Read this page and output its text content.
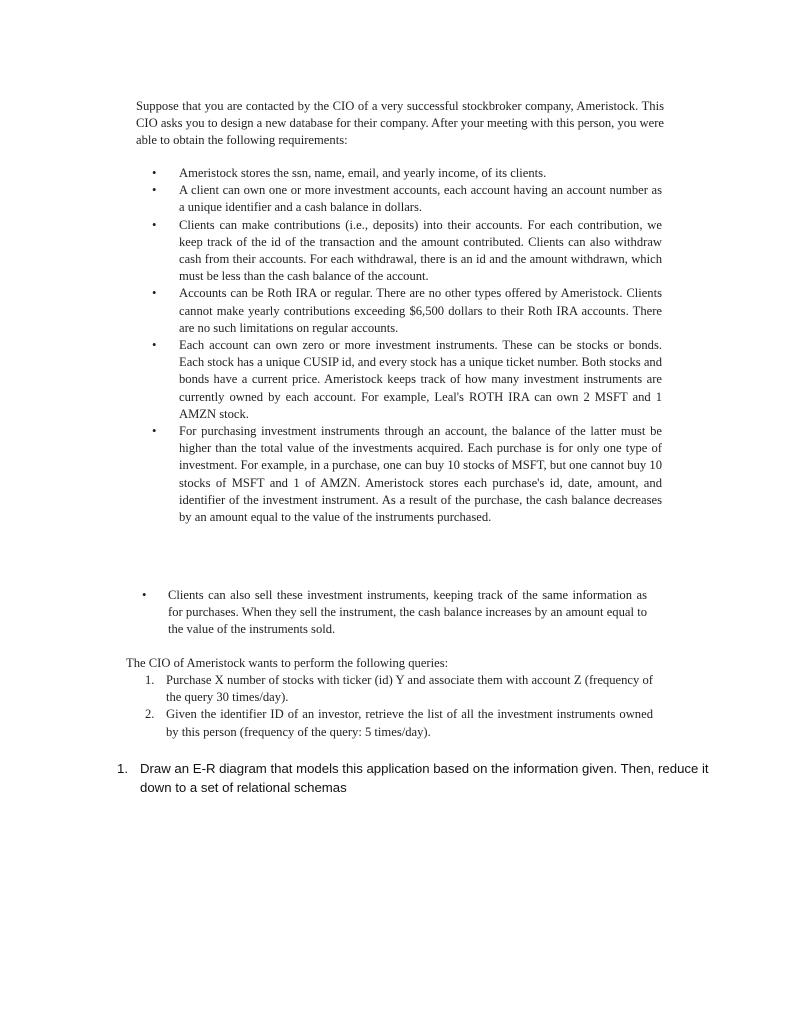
Suppose that you are contacted by the CIO of a very successful stockbroker company, Ameristock. This CIO asks you to design a new database for their company. After your meeting with this person, you were able to obtain the following requirements:

• Ameristock stores the ssn, name, email, and yearly income, of its clients.
• A client can own one or more investment accounts, each account having an account number as a unique identifier and a cash balance in dollars.
• Clients can make contributions (i.e., deposits) into their accounts. For each contribution, we keep track of the id of the transaction and the amount contributed. Clients can also withdraw cash from their accounts. For each withdrawal, there is an id and the amount withdrawn, which must be less than the cash balance of the account.
• Accounts can be Roth IRA or regular. There are no other types offered by Ameristock. Clients cannot make yearly contributions exceeding $6,500 dollars to their Roth IRA accounts. There are no such limitations on regular accounts.
• Each account can own zero or more investment instruments. These can be stocks or bonds. Each stock has a unique CUSIP id, and every stock has a unique ticket number. Both stocks and bonds have a current price. Ameristock keeps track of how many investment instruments are currently owned by each account. For example, Leal's ROTH IRA can own 2 MSFT and 1 AMZN stock.
• For purchasing investment instruments through an account, the balance of the latter must be higher than the total value of the investments acquired. Each purchase is for only one type of investment. For example, in a purchase, one can buy 10 stocks of MSFT, but one cannot buy 10 stocks of MSFT and 1 of AMZN. Ameristock stores each purchase's id, date, amount, and identifier of the investment instrument. As a result of the purchase, the cash balance decreases by an amount equal to the value of the instruments purchased.
• Clients can also sell these investment instruments, keeping track of the same information as for purchases. When they sell the instrument, the cash balance increases by an amount equal to the value of the instruments sold.
The CIO of Ameristock wants to perform the following queries:
1. Purchase X number of stocks with ticker (id) Y and associate them with account Z (frequency of the query 30 times/day).
2. Given the identifier ID of an investor, retrieve the list of all the investment instruments owned by this person (frequency of the query: 5 times/day).
1. Draw an E-R diagram that models this application based on the information given. Then, reduce it down to a set of relational schemas
